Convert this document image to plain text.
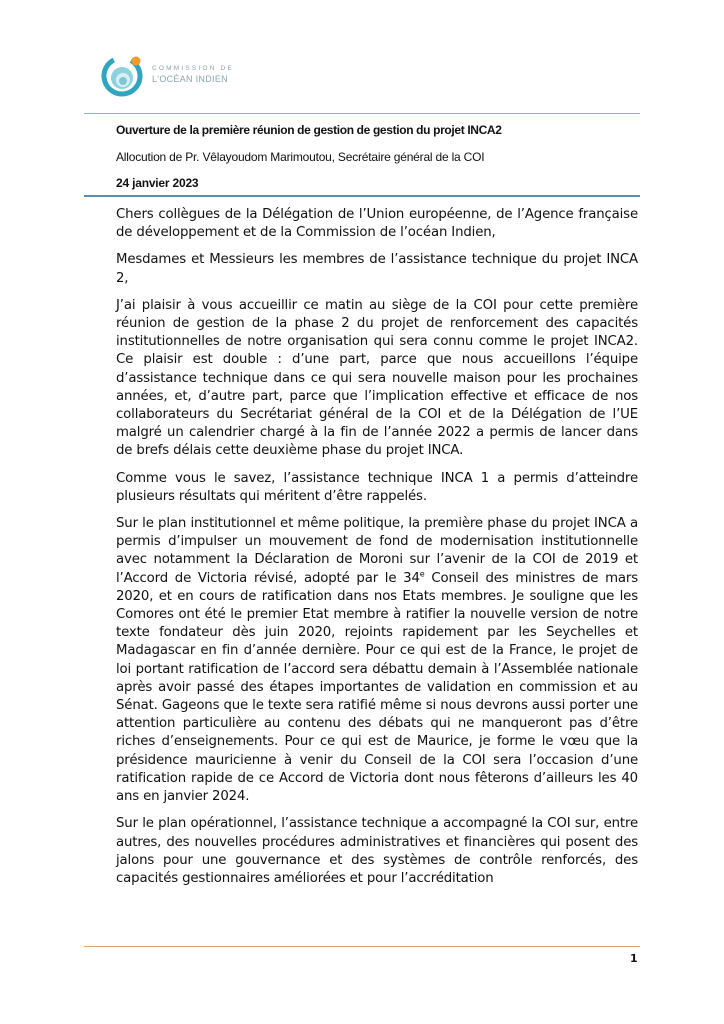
COMMISSION DE
L'OCÉAN INDIEN
Ouverture de la première réunion de gestion de gestion du projet INCA2
Allocution de Pr. Vêlayoudom Marimoutou, Secrétaire général de la COI
24 janvier 2023

Chers collègues de la Délégation de l’Union européenne, de l’Agence française de développement et de la Commission de l’océan Indien,

Mesdames et Messieurs les membres de l’assistance technique du projet INCA 2,

J’ai plaisir à vous accueillir ce matin au siège de la COI pour cette première réunion de gestion de la phase 2 du projet de renforcement des capacités institutionnelles de notre organisation qui sera connu comme le projet INCA2. Ce plaisir est double : d’une part, parce que nous accueillons l’équipe d’assistance technique dans ce qui sera nouvelle maison pour les prochaines années, et, d’autre part, parce que l’implication effective et efficace de nos collaborateurs du Secrétariat général de la COI et de la Délégation de l’UE malgré un calendrier chargé à la fin de l’année 2022 a permis de lancer dans de brefs délais cette deuxième phase du projet INCA.

Comme vous le savez, l’assistance technique INCA 1 a permis d’atteindre plusieurs résultats qui méritent d’être rappelés.

Sur le plan institutionnel et même politique, la première phase du projet INCA a permis d’impulser un mouvement de fond de modernisation institutionnelle avec notamment la Déclaration de Moroni sur l’avenir de la COI de 2019 et l’Accord de Victoria révisé, adopté par le 34e Conseil des ministres de mars 2020, et en cours de ratification dans nos Etats membres. Je souligne que les Comores ont été le premier Etat membre à ratifier la nouvelle version de notre texte fondateur dès juin 2020, rejoints rapidement par les Seychelles et Madagascar en fin d’année dernière. Pour ce qui est de la France, le projet de loi portant ratification de l’accord sera débattu demain à l’Assemblée nationale après avoir passé des étapes importantes de validation en commission et au Sénat. Gageons que le texte sera ratifié même si nous devrons aussi porter une attention particulière au contenu des débats qui ne manqueront pas d’être riches d’enseignements. Pour ce qui est de Maurice, je forme le vœu que la présidence mauricienne à venir du Conseil de la COI sera l’occasion d’une ratification rapide de ce Accord de Victoria dont nous fêterons d’ailleurs les 40 ans en janvier 2024.

Sur le plan opérationnel, l’assistance technique a accompagné la COI sur, entre autres, des nouvelles procédures administratives et financières qui posent des jalons pour une gouvernance et des systèmes de contrôle renforcés, des capacités gestionnaires améliorées et pour l’accréditation

1
